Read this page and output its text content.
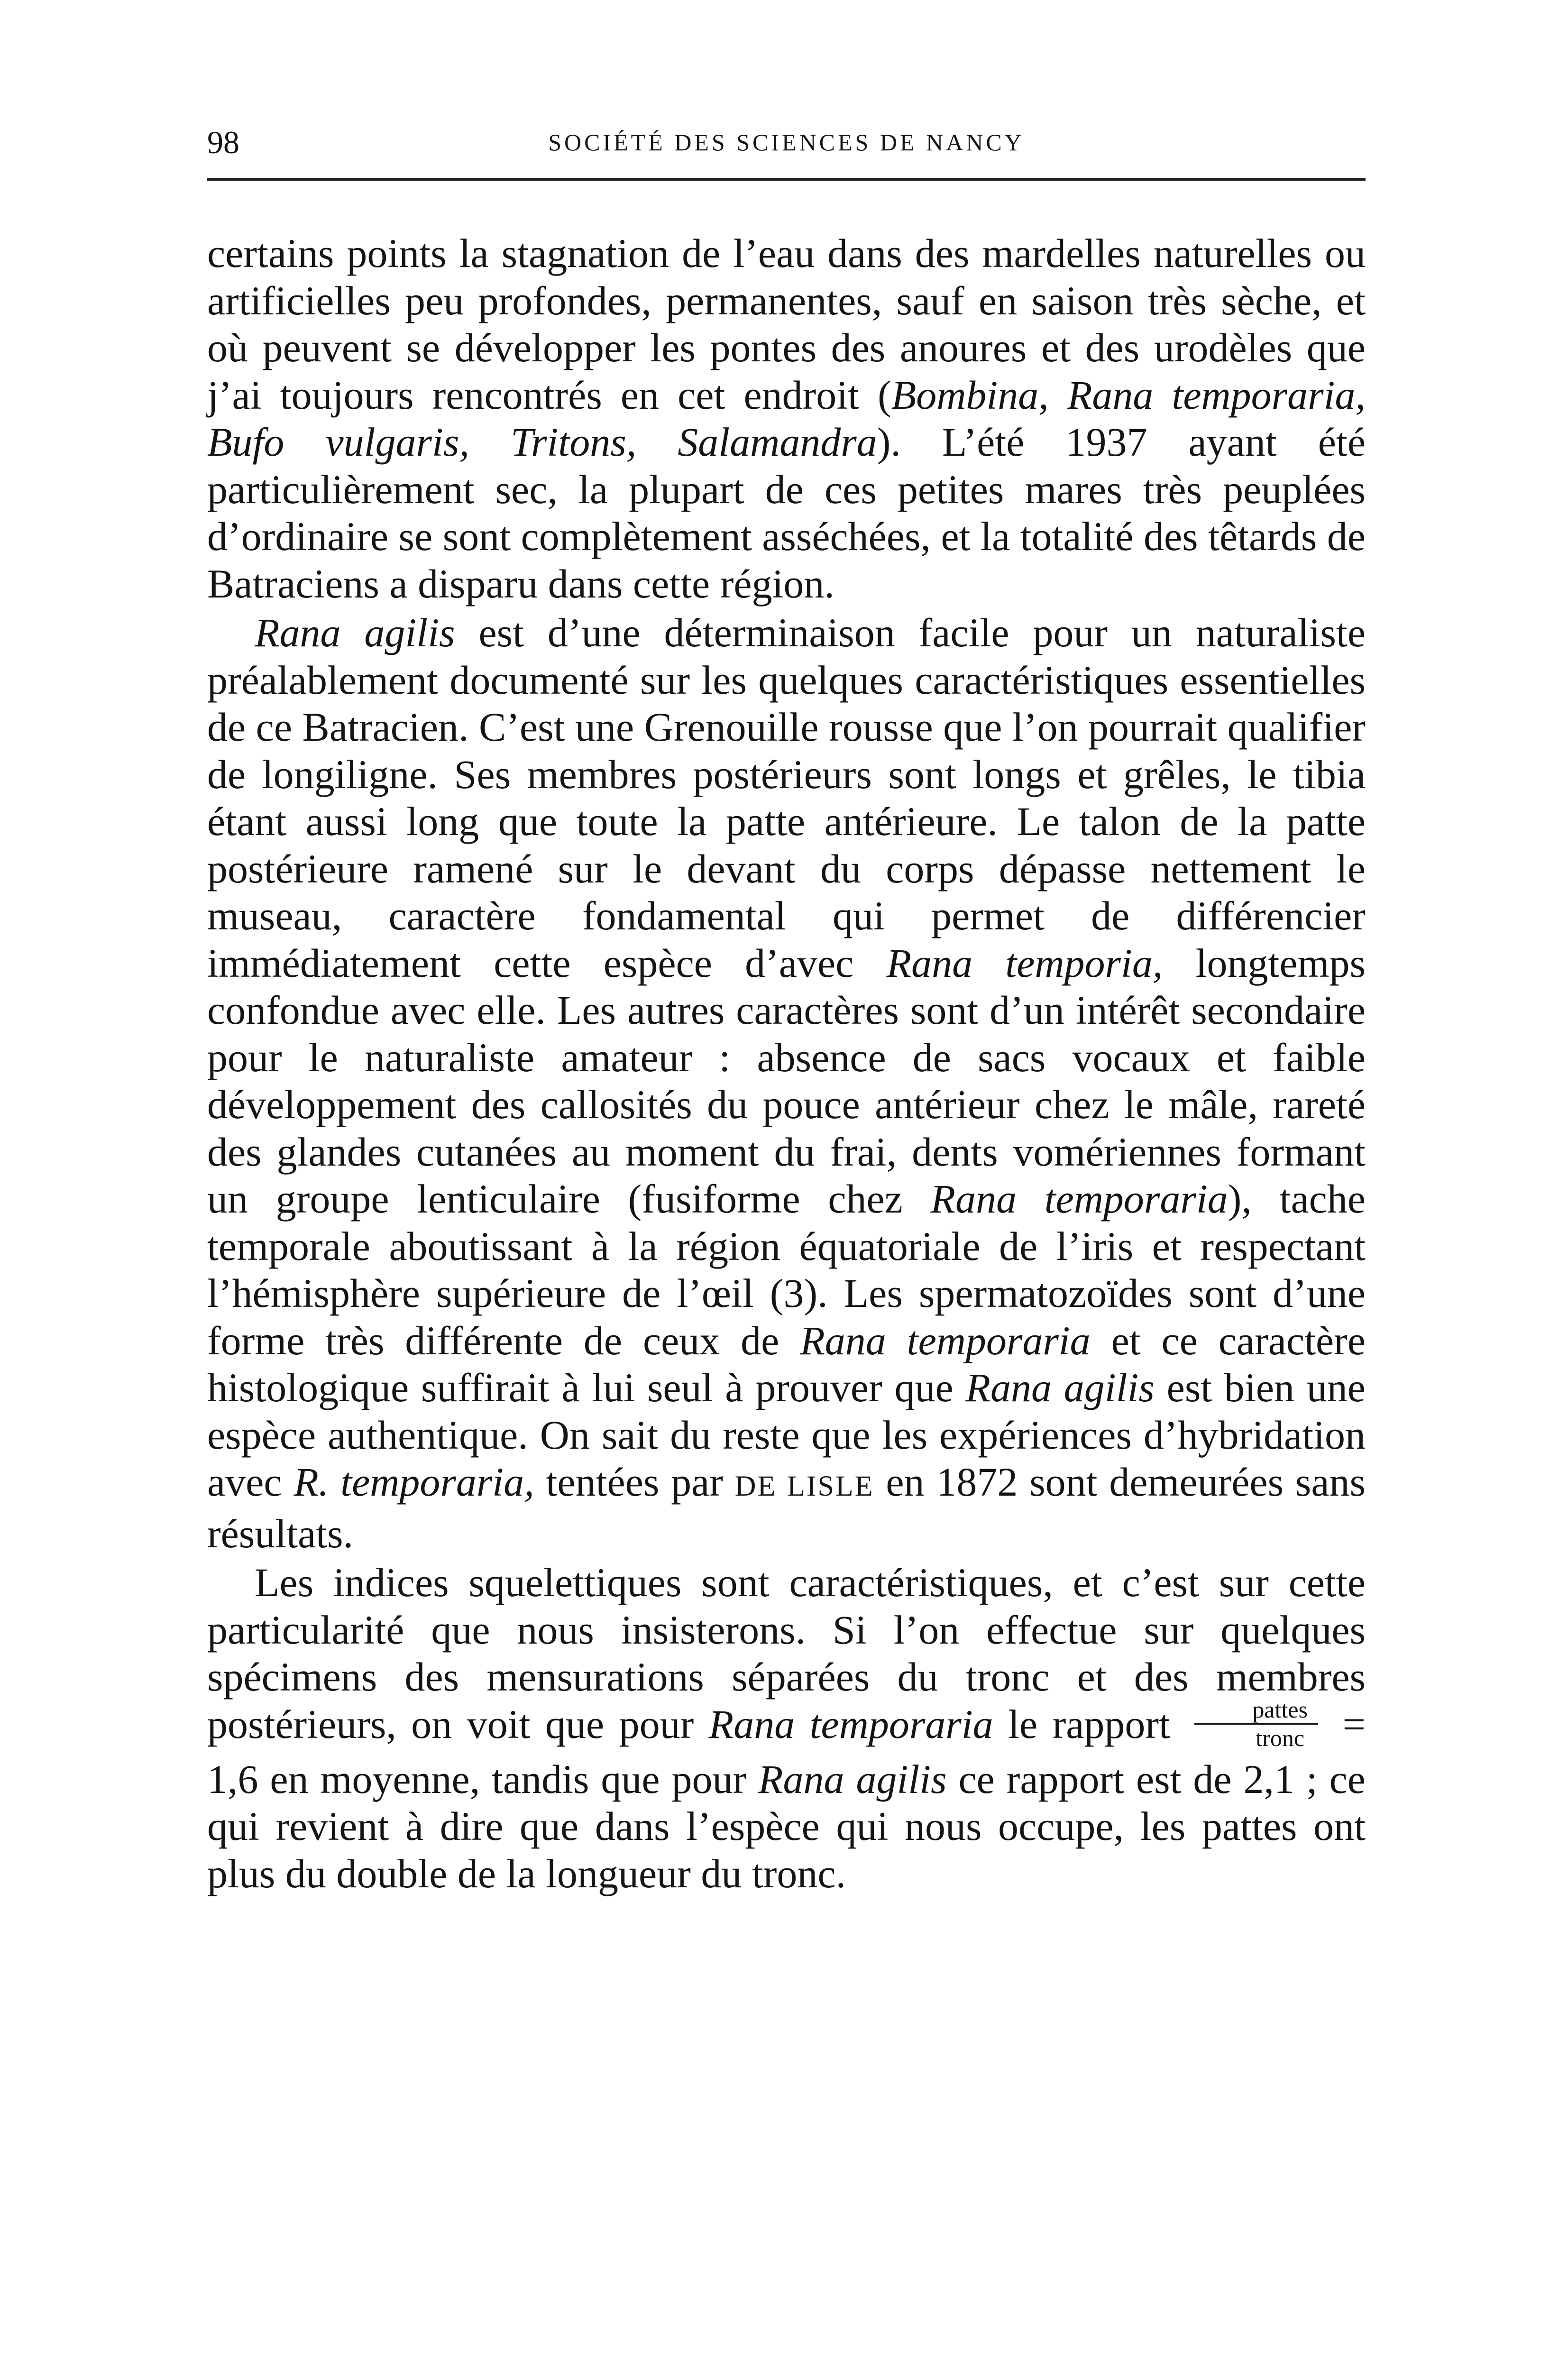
98	SOCIÉTÉ DES SCIENCES DE NANCY

certains points la stagnation de l’eau dans des mardelles naturelles ou artificielles peu profondes, permanentes, sauf en saison très sèche, et où peuvent se développer les pontes des anoures et des urodèles que j’ai toujours rencontrés en cet endroit (Bombina, Rana temporaria, Bufo vulgaris, Tritons, Salamandra). L’été 1937 ayant été particulièrement sec, la plupart de ces petites mares très peuplées d’ordinaire se sont complètement asséchées, et la totalité des têtards de Batraciens a disparu dans cette région.

Rana agilis est d’une déterminaison facile pour un naturaliste préalablement documenté sur les quelques caractéristiques essentielles de ce Batracien. C’est une Grenouille rousse que l’on pourrait qualifier de longiligne. Ses membres postérieurs sont longs et grêles, le tibia étant aussi long que toute la patte antérieure. Le talon de la patte postérieure ramené sur le devant du corps dépasse nettement le museau, caractère fondamental qui permet de différencier immédiatement cette espèce d’avec Rana temporia, longtemps confondue avec elle. Les autres caractères sont d’un intérêt secondaire pour le naturaliste amateur : absence de sacs vocaux et faible développement des callosités du pouce antérieur chez le mâle, rareté des glandes cutanées au moment du frai, dents vomériennes formant un groupe lenticulaire (fusiforme chez Rana temporaria), tache temporale aboutissant à la région équatoriale de l’iris et respectant l’hémisphère supérieure de l’œil (3). Les spermatozoïdes sont d’une forme très différente de ceux de Rana temporaria et ce caractère histologique suffirait à lui seul à prouver que Rana agilis est bien une espèce authentique. On sait du reste que les expériences d’hybridation avec R. temporaria, tentées par DE LISLE en 1872 sont demeurées sans résultats.

Les indices squelettiques sont caractéristiques, et c’est sur cette particularité que nous insisterons. Si l’on effectue sur quelques spécimens des mensurations séparées du tronc et des membres postérieurs, on voit que pour Rana temporaria le rapport $\frac{\text{pattes}}{\text{tronc}} = 1,6$ en moyenne, tandis que pour Rana agilis ce rapport est de 2,1 ; ce qui revient à dire que dans l’espèce qui nous occupe, les pattes ont plus du double de la longueur du tronc.
